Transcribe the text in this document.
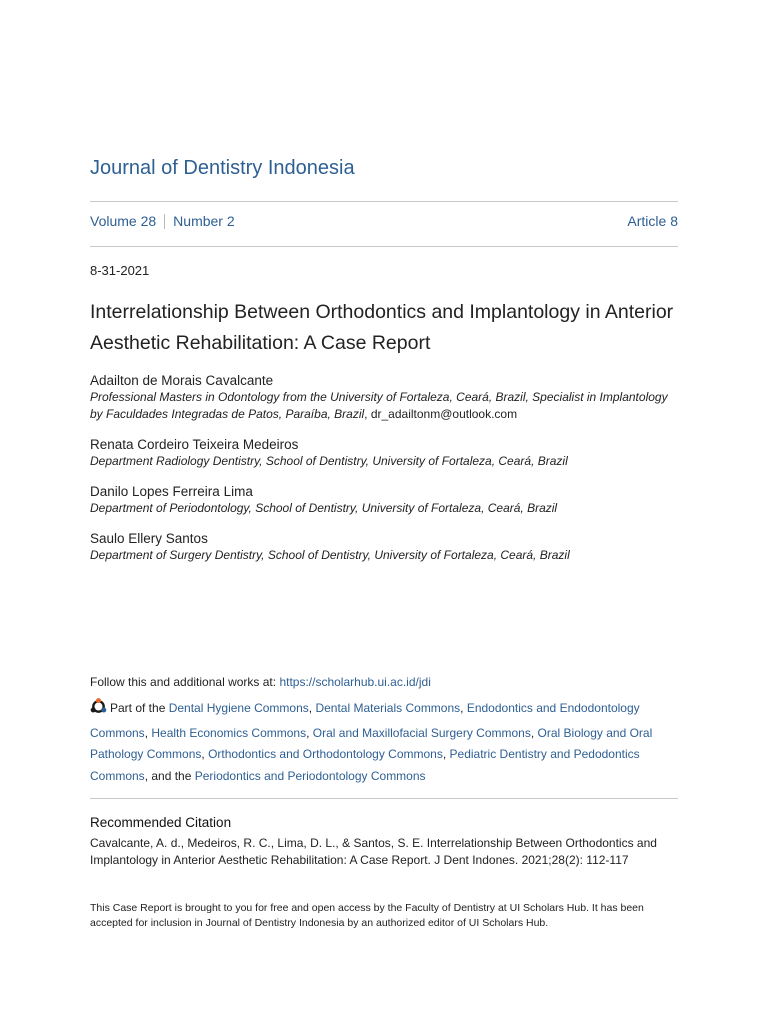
Journal of Dentistry Indonesia
Volume 28 Number 2	Article 8
8-31-2021
Interrelationship Between Orthodontics and Implantology in Anterior Aesthetic Rehabilitation: A Case Report
Adailton de Morais Cavalcante
Professional Masters in Odontology from the University of Fortaleza, Ceará, Brazil, Specialist in Implantology by Faculdades Integradas de Patos, Paraíba, Brazil, dr_adailtonm@outlook.com
Renata Cordeiro Teixeira Medeiros
Department Radiology Dentistry, School of Dentistry, University of Fortaleza, Ceará, Brazil
Danilo Lopes Ferreira Lima
Department of Periodontology, School of Dentistry, University of Fortaleza, Ceará, Brazil
Saulo Ellery Santos
Department of Surgery Dentistry, School of Dentistry, University of Fortaleza, Ceará, Brazil
Follow this and additional works at: https://scholarhub.ui.ac.id/jdi
Part of the Dental Hygiene Commons, Dental Materials Commons, Endodontics and Endodontology Commons, Health Economics Commons, Oral and Maxillofacial Surgery Commons, Oral Biology and Oral Pathology Commons, Orthodontics and Orthodontology Commons, Pediatric Dentistry and Pedodontics Commons, and the Periodontics and Periodontology Commons
Recommended Citation
Cavalcante, A. d., Medeiros, R. C., Lima, D. L., & Santos, S. E. Interrelationship Between Orthodontics and Implantology in Anterior Aesthetic Rehabilitation: A Case Report. J Dent Indones. 2021;28(2): 112-117
This Case Report is brought to you for free and open access by the Faculty of Dentistry at UI Scholars Hub. It has been accepted for inclusion in Journal of Dentistry Indonesia by an authorized editor of UI Scholars Hub.
